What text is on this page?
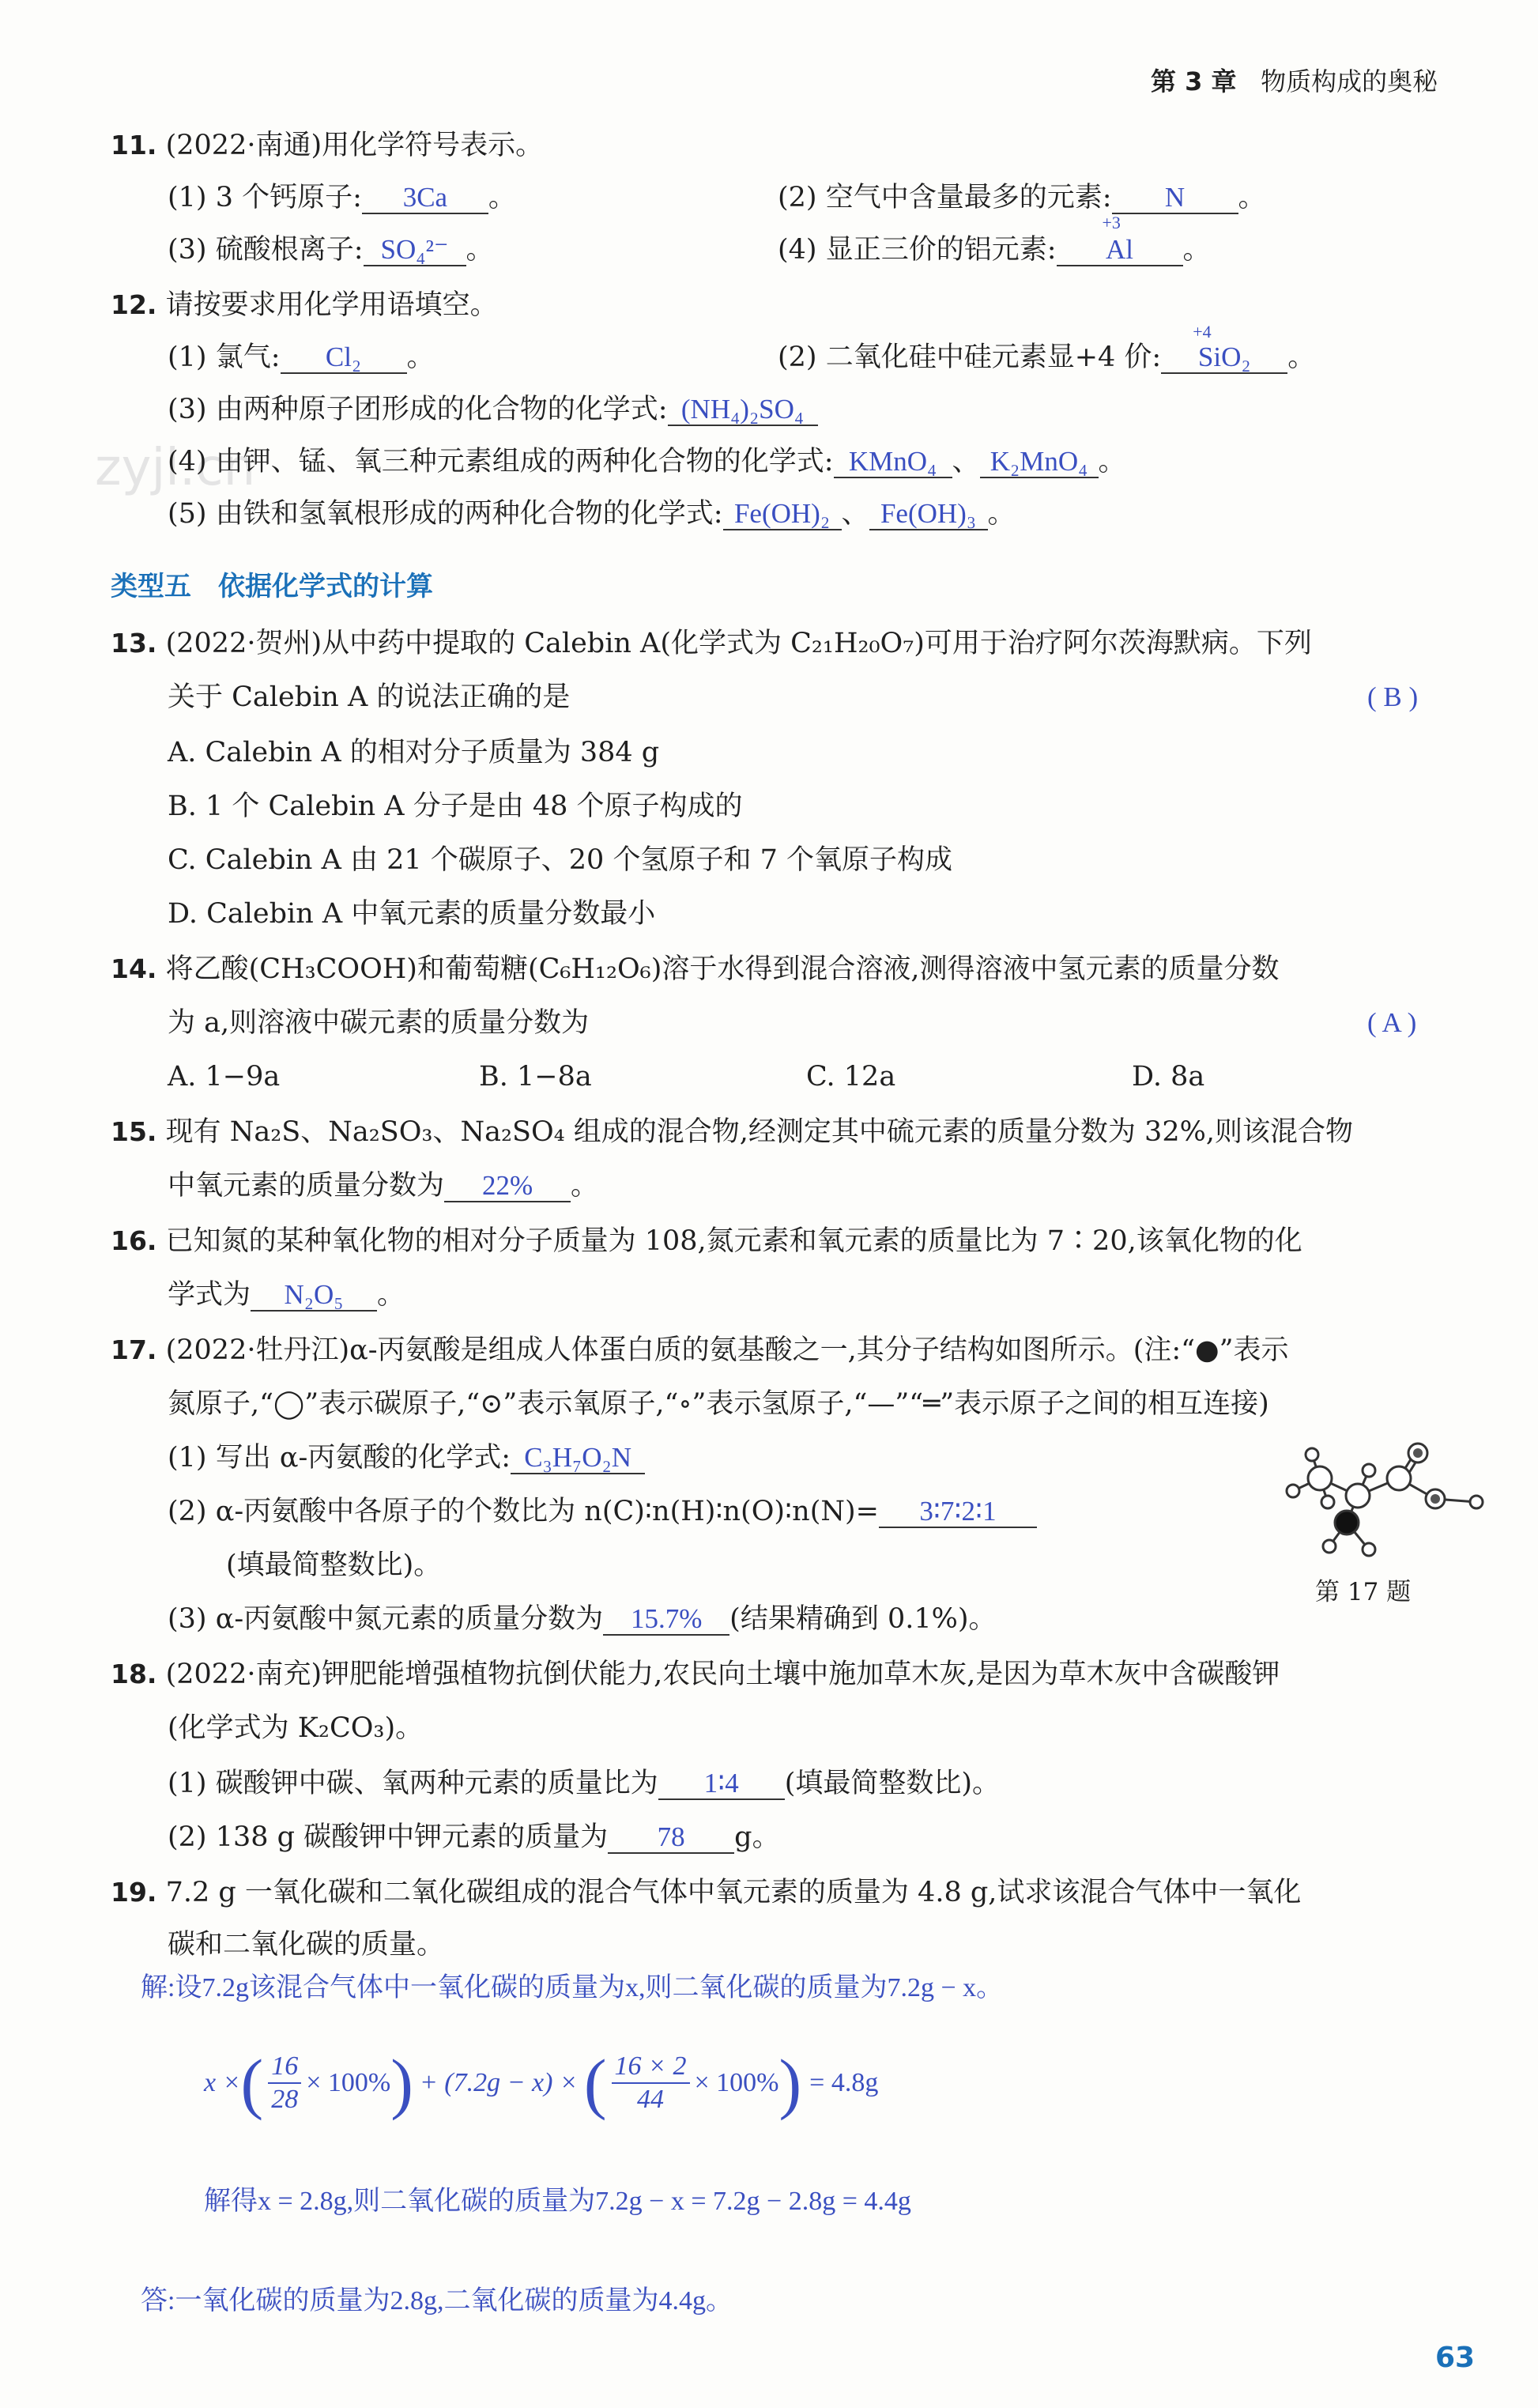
第 3 章 物质构成的奥秘
zyjl.cn
11. (2022·南通)用化学符号表示。
(1) 3 个钙原子: 3Ca 。	(2) 空气中含量最多的元素: N 。
(3) 硫酸根离子: SO₄²⁻ 。	(4) 显正三价的铝元素:
+3
Al 。
12. 请按要求用化学用语填空。
(1) 氯气: Cl₂ 。	(2) 二氧化硅中硅元素显+4 价:
+4
SiO₂ 。
(3) 由两种原子团形成的化合物的化学式: (NH₄)₂SO₄
(4) 由钾、锰、氧三种元素组成的两种化合物的化学式: KMnO₄ 、 K₂MnO₄ 。
(5) 由铁和氢氧根形成的两种化合物的化学式: Fe(OH)₂ 、 Fe(OH)₃ 。
类型五　依据化学式的计算
13. (2022·贺州)从中药中提取的 Calebin A(化学式为 C₂₁H₂₀O₇)可用于治疗阿尔茨海默病。下列
关于 Calebin A 的说法正确的是	( B )
A. Calebin A 的相对分子质量为 384 g
B. 1 个 Calebin A 分子是由 48 个原子构成的
C. Calebin A 由 21 个碳原子、20 个氢原子和 7 个氧原子构成
D. Calebin A 中氧元素的质量分数最小
14. 将乙酸(CH₃COOH)和葡萄糖(C₆H₁₂O₆)溶于水得到混合溶液,测得溶液中氢元素的质量分数
为 a,则溶液中碳元素的质量分数为	( A )
A. 1−9a	B. 1−8a	C. 12a	D. 8a
15. 现有 Na₂S、Na₂SO₃、Na₂SO₄ 组成的混合物,经测定其中硫元素的质量分数为 32%,则该混合物
中氧元素的质量分数为 22% 。
16. 已知氮的某种氧化物的相对分子质量为 108,氮元素和氧元素的质量比为 7∶20,该氧化物的化
学式为 N₂O₅ 。
17. (2022·牡丹江)α-丙氨酸是组成人体蛋白质的氨基酸之一,其分子结构如图所示。(注:“●”表示
氮原子,“◯”表示碳原子,“⊙”表示氧原子,“∘”表示氢原子,“—”“═”表示原子之间的相互连接)
(1) 写出 α-丙氨酸的化学式: C₃H₇O₂N
(2) α-丙氨酸中各原子的个数比为 n(C)∶n(H)∶n(O)∶n(N)= 3∶7∶2∶1
(填最简整数比)。
(3) α-丙氨酸中氮元素的质量分数为 15.7% (结果精确到 0.1%)。
第 17 题
18. (2022·南充)钾肥能增强植物抗倒伏能力,农民向土壤中施加草木灰,是因为草木灰中含碳酸钾
(化学式为 K₂CO₃)。
(1) 碳酸钾中碳、氧两种元素的质量比为 1∶4 (填最简整数比)。
(2) 138 g 碳酸钾中钾元素的质量为 78 g。
19. 7.2 g 一氧化碳和二氧化碳组成的混合气体中氧元素的质量为 4.8 g,试求该混合气体中一氧化
碳和二氧化碳的质量。
解:设7.2g该混合气体中一氧化碳的质量为x,则二氧化碳的质量为7.2g − x。
x × ( $\frac{16}{28} \times 100\%$ ) + (7.2g − x) × ( $\frac{16 \times 2}{44} \times 100\%$ ) = 4.8g
解得x = 2.8g,则二氧化碳的质量为7.2g − x = 7.2g − 2.8g = 4.4g
答:一氧化碳的质量为2.8g,二氧化碳的质量为4.4g。
63
